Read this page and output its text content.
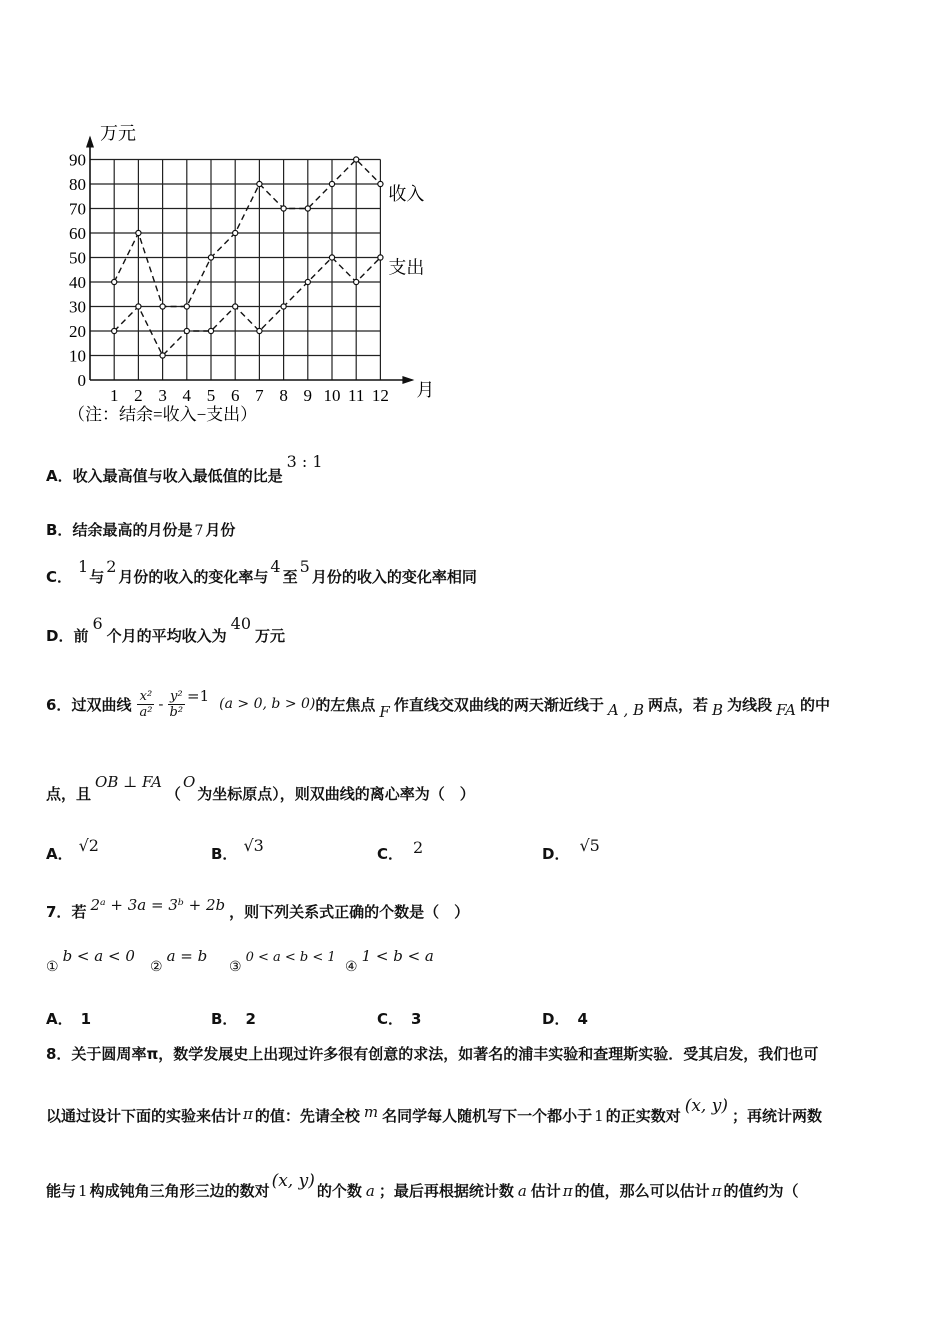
0
10
20
30
40
50
60
70
80
90
1 2 3 4 5 6 7 8 9 10 11 12
万元
月
（注：结余=收入−支出）
收入
支出
A．收入最高值与收入最低值的比是3 : 1
B．结余最高的月份是 7 月份
C．1与2月份的收入的变化率与4至5月份的收入的变化率相同
D．前6个月的平均收入为40万元
6． 过双曲线 $\frac{\text{x²}}{\text{a²}} - \frac{\text{y²}}{\text{b²}} =1$ (a > 0, b > 0) 的左焦点 F 作直线交双曲线的两天渐近线于 A , B 两点，若 B 为线段 FA 的中
点，且OB ⊥ FA（O为坐标原点），则双曲线的离心率为（　）
A． √2	B． √3	C． 2	D． √5
7．若 2ᵃ + 3a = 3ᵇ + 2b ，则下列关系式正确的个数是（　）
①b < a < 0
②a = b
③0 < a < b < 1
④1 < b < a
A． 1	B． 2	C． 3	D． 4
8．关于圆周率π，数学发展史上出现过许多很有创意的求法，如著名的浦丰实验和查理斯实验．受其启发，我们也可
以通过设计下面的实验来估计 π 的值：先请全校 m 名同学每人随机写下一个都小于 1 的正实数对 (x, y) ；再统计两数
能与 1 构成钝角三角形三边的数对 (x, y) 的个数 a ；最后再根据统计数 a 估计 π 的值，那么可以估计 π 的值约为（
